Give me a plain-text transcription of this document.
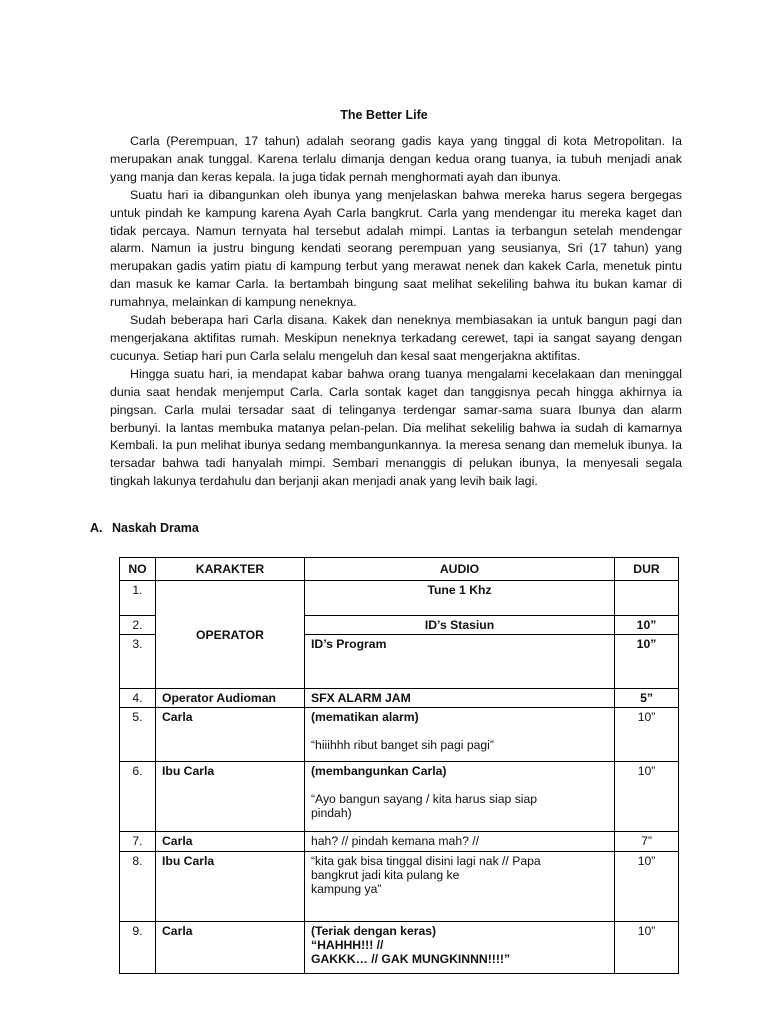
The Better Life

Carla (Perempuan, 17 tahun) adalah seorang gadis kaya yang tinggal di kota Metropolitan. Ia merupakan anak tunggal. Karena terlalu dimanja dengan kedua orang tuanya, ia tubuh menjadi anak yang manja dan keras kepala. Ia juga tidak pernah menghormati ayah dan ibunya.

Suatu hari ia dibangunkan oleh ibunya yang menjelaskan bahwa mereka harus segera bergegas untuk pindah ke kampung karena Ayah Carla bangkrut. Carla yang mendengar itu mereka kaget dan tidak percaya. Namun ternyata hal tersebut adalah mimpi. Lantas ia terbangun setelah mendengar alarm. Namun ia justru bingung kendati seorang perempuan yang seusianya, Sri (17 tahun) yang merupakan gadis yatim piatu di kampung terbut yang merawat nenek dan kakek Carla, menetuk pintu dan masuk ke kamar Carla. Ia bertambah bingung saat melihat sekeliling bahwa itu bukan kamar di rumahnya, melainkan di kampung neneknya.

Sudah beberapa hari Carla disana. Kakek dan neneknya membiasakan ia untuk bangun pagi dan mengerjakana aktifitas rumah. Meskipun neneknya terkadang cerewet, tapi ia sangat sayang dengan cucunya. Setiap hari pun Carla selalu mengeluh dan kesal saat mengerjakna aktifitas.

Hingga suatu hari, ia mendapat kabar bahwa orang tuanya mengalami kecelakaan dan meninggal dunia saat hendak menjemput Carla. Carla sontak kaget dan tanggisnya pecah hingga akhirnya ia pingsan. Carla mulai tersadar saat di telinganya terdengar samar-sama suara Ibunya dan alarm berbunyi. Ia lantas membuka matanya pelan-pelan. Dia melihat sekelilig bahwa ia sudah di kamarnya Kembali. Ia pun melihat ibunya sedang membangunkannya. Ia meresa senang dan memeluk ibunya. Ia tersadar bahwa tadi hanyalah mimpi. Sembari menanggis di pelukan ibunya, Ia menyesali segala tingkah lakunya terdahulu dan berjanji akan menjadi anak yang levih baik lagi.

A. Naskah Drama
NO	KARAKTER	AUDIO	DUR
1.	OPERATOR	Tune 1 Khz	

2.		ID’s Stasiun	10”
3.		ID’s Program	10”
4.	Operator Audioman	SFX ALARM JAM	5”
5.	Carla	(mematikan alarm)
“hiiihhh ribut banget sih pagi pagi”	10”
6.	Ibu Carla	(membangunkan Carla)
“Ayo bangun sayang / kita harus siap siap pindah)	10”
7.	Carla	hah? // pindah kemana mah? //	7”
8.	Ibu Carla	“kita gak bisa tinggal disini lagi nak // Papa
bangkrut jadi kita pulang ke
kampung ya”	10”
9.	Carla	(Teriak dengan keras)
“HAHHH!!! //
GAKKK… // GAK MUNGKINNN!!!!”	10”
